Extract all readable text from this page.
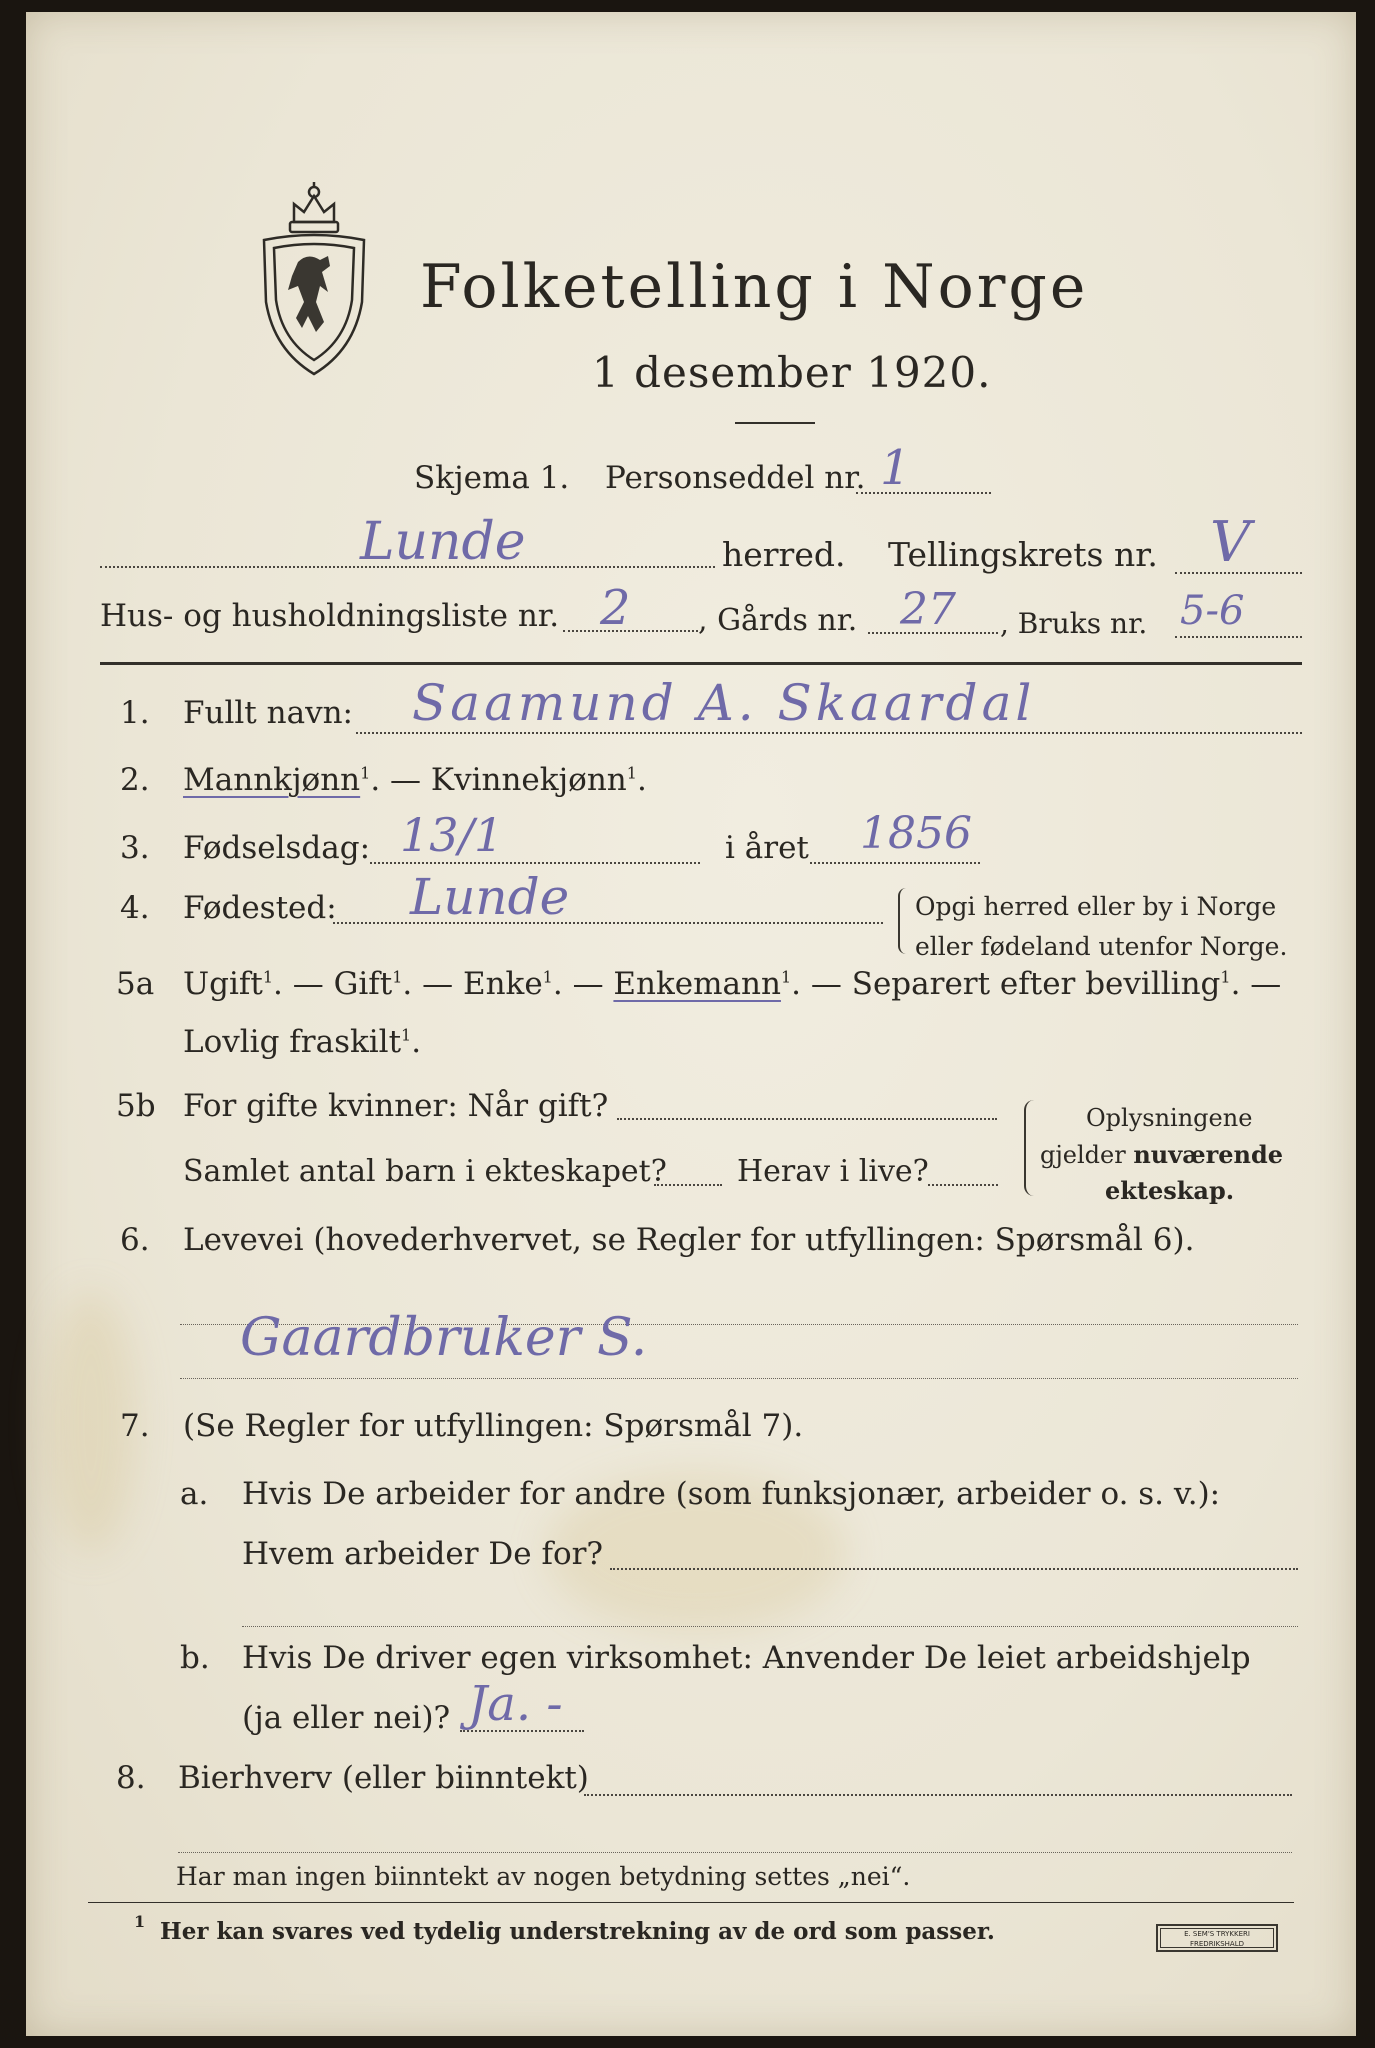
Folketelling i Norge
1 desember 1920.
Skjema 1. Personseddel nr. 1
Lunde	herred. Tellingskrets nr. V
Hus- og husholdningsliste nr. 2 , Gårds nr. 27 , Bruks nr. 5-6
1. Fullt navn: Saamund A. Skaardal
2. Mannkjønn$^1$. — Kvinnekjønn$^1$.
3. Fødselsdag: 13/1	i året 1856
4. Fødested: Lunde	Opgi herred eller by i Norge
eller fødeland utenfor Norge.
5a Ugift$^1$. — Gift$^1$. — Enke$^1$. — Enkemann$^1$. — Separert efter bevilling$^1$. —
Lovlig fraskilt$^1$.
5b For gifte kvinner: Når gift?
Samlet antal barn i ekteskapet? Herav i live?
Oplysningene
gjelder nuværende
ekteskap.
6. Levevei (hovederhvervet, se Regler for utfyllingen: Spørsmål 6).
Gaardbruker S.
7. (Se Regler for utfyllingen: Spørsmål 7).
a. Hvis De arbeider for andre (som funksjonær, arbeider o. s. v.):
Hvem arbeider De for?
b. Hvis De driver egen virksomhet: Anvender De leiet arbeidshjelp
(ja eller nei)? Ja. -
8. Bierhverv (eller biinntekt)
Har man ingen biinntekt av nogen betydning settes „nei“.
1 Her kan svares ved tydelig understrekning av de ord som passer.	E. SEM'S TRYKKERI FREDRIKSHALD
